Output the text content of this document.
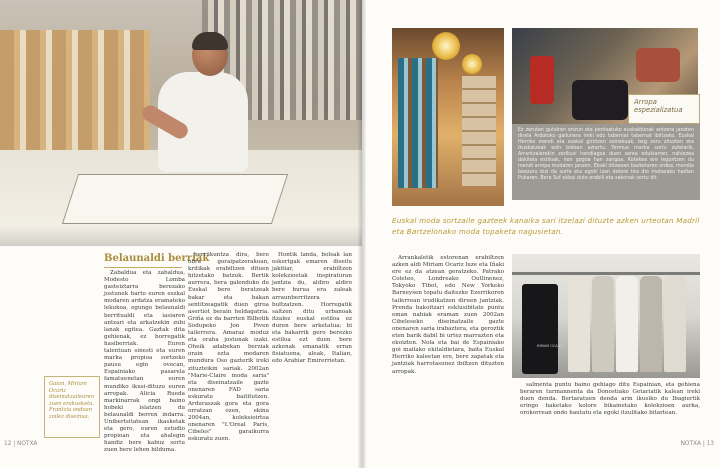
Belaunaldi berriak

Zabaldua eta zabaldua, Modesto Lomba gasteiztarra berezako jostunek harto euren eszkal modaren ardatza eramateko lekukoa, egungo belaunaldi berritualdi eta iasiaren antzari eta arkatzekin zubi lanak egitea. Gaztak dita gehienak, ez borregatik hasiberriak. Euren talentuan sinesti eta euren marka propioa sortzeko pausu egin ovecan, Espainiako pasarela famatuenetan euren mundiko ikusi-dituzu euren arropak. Alicia Rueda markinarrak ongi baino hobeki islatzen du belaunaldi berren indarra. Unibertsitatean ikasketak eta gero, euren estudio propioan eta ahalegin handiz bere kabuz sortu zuen bere lehen bilduma.

berriikuntza dira, bere obra goraipatzerakoan, kritikak erabiltzen dituen hitzetako batzuk. Bertik aurrera, bera galenduko du Euskal bere beratzeak bakar eta bakan sentitzeagatik duen giroa asertiot berain heldagatria. Griña ez da barrten Bilbotik Sodupeko Jon Piven tailerrera. Amaraz moduz eta oraha jostunak izaki. Oheik adabekan berziak orain ezta modaren mundura Oso gazterik ireki zituzteikin sariak. 2002an "Marie-Claire moda saria" eta diseinatzaile gazte onenaren FAD saria eskuratu baititutzen. Arduraszak gora eta gora orratzan ozen, ekina 2004an, koleksioirtoa onenaren "L'Oreal Paris, Cibeles" garaikurra eskuratu zuen.

Hontik landa, bolsak lan eskertgak emaren diseilu jakitiar, erabiltzen kolekzioetak inspiraturan jantzia du, aldiro aldiro bere burua era zaleak arraunberritzera bultzatzen. Horregatik saltzen ditu urbanoak itzalez euskal estiloa ez duren bere arketatua; bi eta bakarrik gero berezko estiloa ezt duen bere azkenak emanatik erran fisiatuena, aleak, Italian, edo Arabiar Emirerrietan.

Gaian, Miriam Ocariz diseinatzailearen zuen erakusketa. Frantzia ondoan zoilez diseinua.
12 | NOTXA
Arropa espezializatua
Ez zeruten gutxiren erizun eta pentsatuko euskaldunak antzera janzten direla Ardotoko gailunera ireki edo tabernat tabernat ibiltzeko. Euskal Herriko mendi eta euskal girotzen soinekuak, beg zoru zituzten eta ikuskatzeak ezin bidean aztertu. Termua marka sortu zutelarik, Arrantzalerekin zerikusi handiagoa duen sarea edukiarren, nahiezea dakitela estiloak, non gogoa han zangoa. Kotekea ere leguntzen du mendi arropa modaten janzen. Ebaki ditxeean bazketaren ordea, mendia beezuru bizi da surfa eta egoki izan dotore tira dio mataxako hadian Pukaren. Bera Suf ekbai dute erabili eta sakonak sortu dit.
Euskal moda sortzaile gazteek kanaika sari itzelazi dituzte azken urteotan Madril eta Bartzelonako moda topaketa nagusietan.

Arrankaletik estorenan erabiltzen azken aldi Miriam Ocariz luze eta Iñaki ere ez da atzean geratzeko. Patrako Coleteo, Londreako Outlinenez, Tokyoko Tibot, edo New Yorkeko Barneysen topatu daitezke Ezerrikoren tailerrean irudikatzen diruen jantziak. Prenda bakoitzari esklusibitate puntu eman nahiak eraman zuen 2002an Cibeleseko diseinatzaile gazte onenaren saria irabaztera, eta geroztik eten barik dabil bi urtez marrazten eta ekoizten. Nola eta bai de Espainiako goi mailako ekitaldietara, baita Euskal Herriko kaleetan ere, bere zapatak eta jantziak harrotasunez ibiltzen dituzten arropak.

MIRIAM OCARIZ

salmenta puntu baino gehiago ditu Espainian, eta gehiena beraren turmannenta da Donostiako Getariatik kalean ireki duen denda. Bertaratuen denda arin ikusiko du Ibagiertik eringo haketako kolore bikainetako kolekzioen aurka, orokorrean ondo hautatu eta egoki itzulitako bitartean.

NOTXA | 13
